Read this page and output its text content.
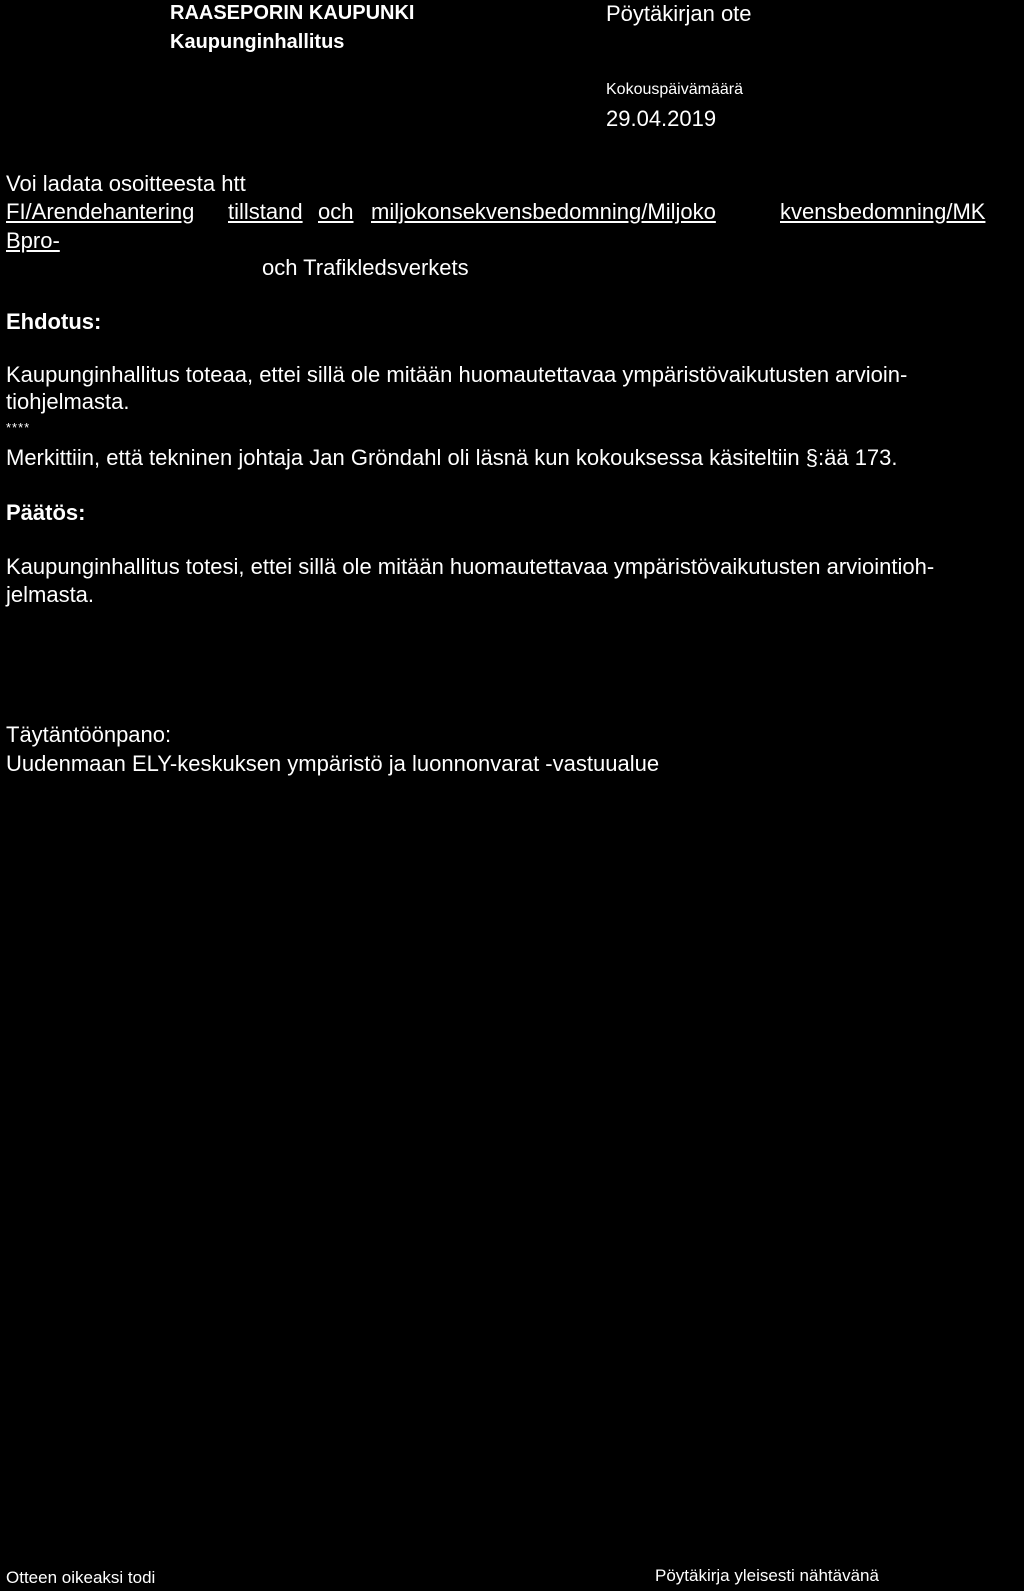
RAASEPORIN KAUPUNKI
Kaupunginhallitus
Pöytäkirjan ote
Kokouspäivämäärä
29.04.2019
Voi ladata osoitteesta htt
FI/Arendehantering tillstand och miljokonsekvensbedomning/Miljoko	kvensbedomning/MK
Bpro-
och Trafikledsverkets
Ehdotus:
Kaupunginhallitus toteaa, ettei sillä ole mitään huomautettavaa ympäristövaikutusten arvioin-
tiohjelmasta.
****
Merkittiin, että tekninen johtaja Jan Gröndahl oli läsnä kun kokouksessa käsiteltiin §:ää 173.
Päätös:
Kaupunginhallitus totesi, ettei sillä ole mitään huomautettavaa ympäristövaikutusten arviointioh-
jelmasta.
Täytäntöönpano:
Uudenmaan ELY-keskuksen ympäristö ja luonnonvarat -vastuualue
Otteen oikeaksi todi	Pöytäkirja yleisesti nähtävänä
